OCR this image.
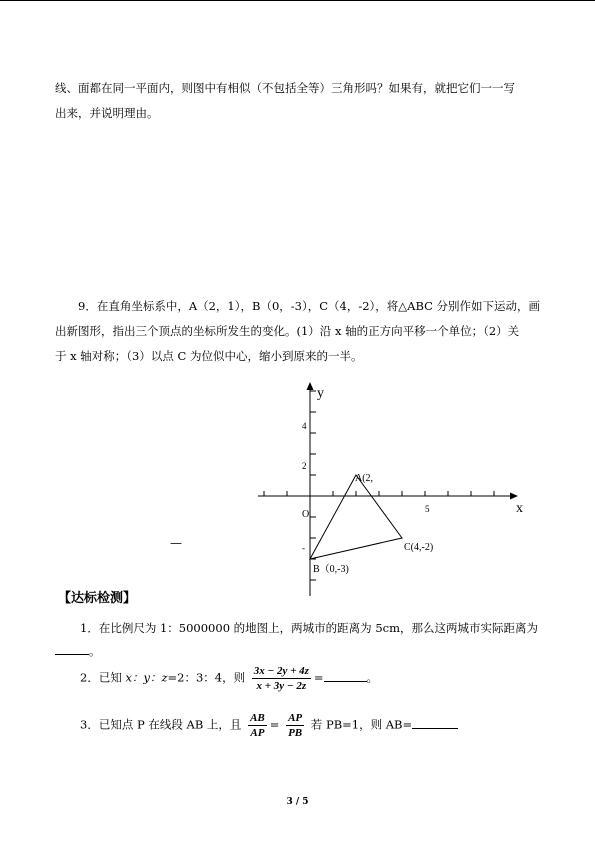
线、面都在同一平面内，则图中有相似（不包括全等）三角形吗？如果有，就把它们一一写
出来，并说明理由。

9．在直角坐标系中，A（2，1），B（0，-3），C（4，-2），将△ABC 分别作如下运动，画
出新图形，指出三个顶点的坐标所发生的变化。(1）沿 x 轴的正方向平移一个单位；（2）关
于 x 轴对称；（3）以点 C 为位似中心，缩小到原来的一半。

y
x
4
2
5
O
-
A(2,
B（0,-3)
C(4,-2)
—
【达标检测】
1．在比例尺为 1：5000000 的地图上，两城市的距离为 5cm，那么这两城市实际距离为
。
2．已知 x：y：z=2：3：4，则 $\frac{3x - 2y + 4z}{x + 3y - 2z}$ =	。
3．已知点 P 在线段 AB 上，且 $\frac{AB}{AP} = \frac{AP}{PB}$ 若 PB=1，则 AB=
3 / 5
